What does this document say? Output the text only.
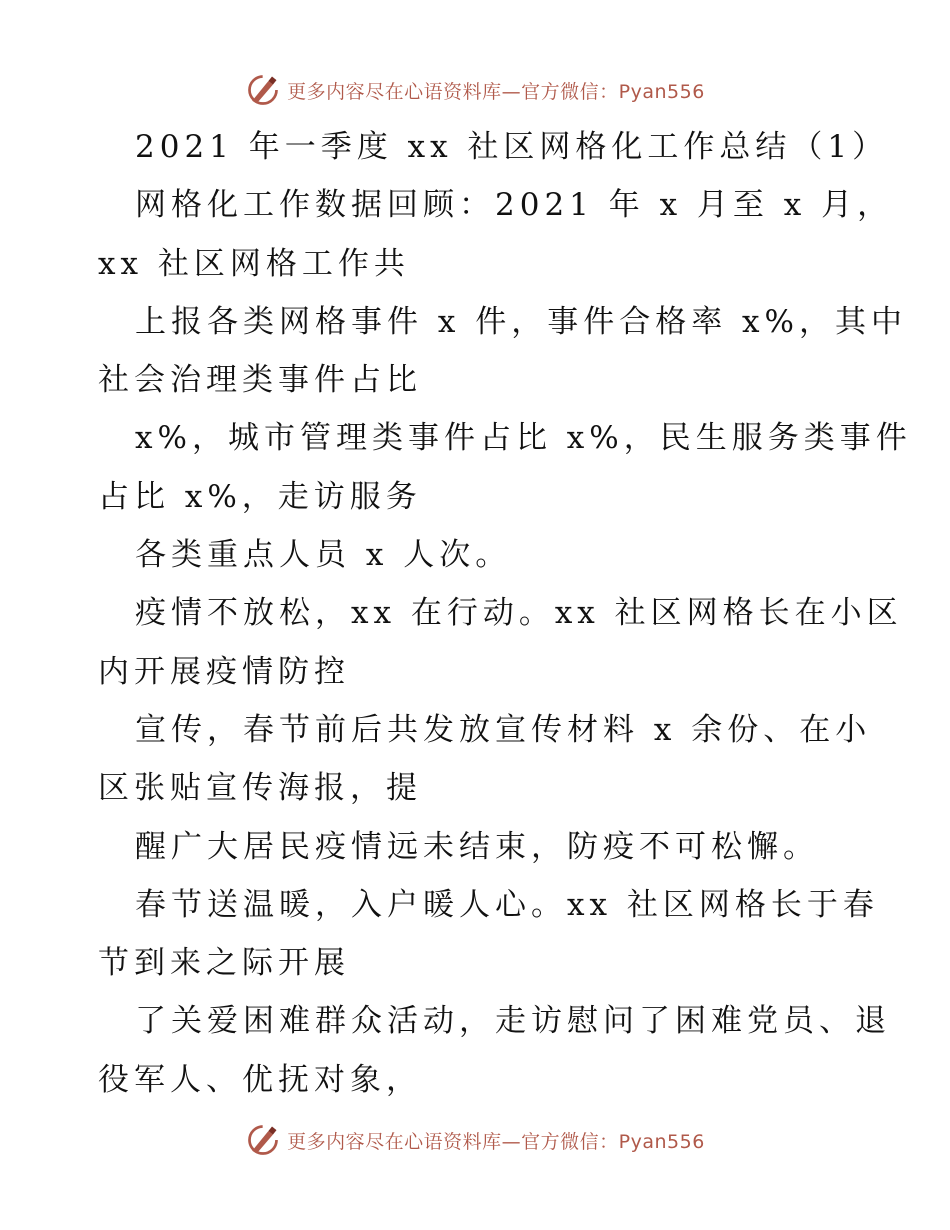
更多内容尽在心语资料库—官方微信：Pyan556
2021 年一季度 xx 社区网格化工作总结（1）
网格化工作数据回顾：2021 年 x 月至 x 月，
xx 社区网格工作共
上报各类网格事件 x 件，事件合格率 x%，其中
社会治理类事件占比
x%，城市管理类事件占比 x%，民生服务类事件
占比 x%，走访服务
各类重点人员 x 人次。
疫情不放松，xx 在行动。xx 社区网格长在小区
内开展疫情防控
宣传，春节前后共发放宣传材料 x 余份、在小
区张贴宣传海报，提
醒广大居民疫情远未结束，防疫不可松懈。
春节送温暖，入户暖人心。xx 社区网格长于春
节到来之际开展
了关爱困难群众活动，走访慰问了困难党员、退
役军人、优抚对象，
更多内容尽在心语资料库—官方微信：Pyan556
